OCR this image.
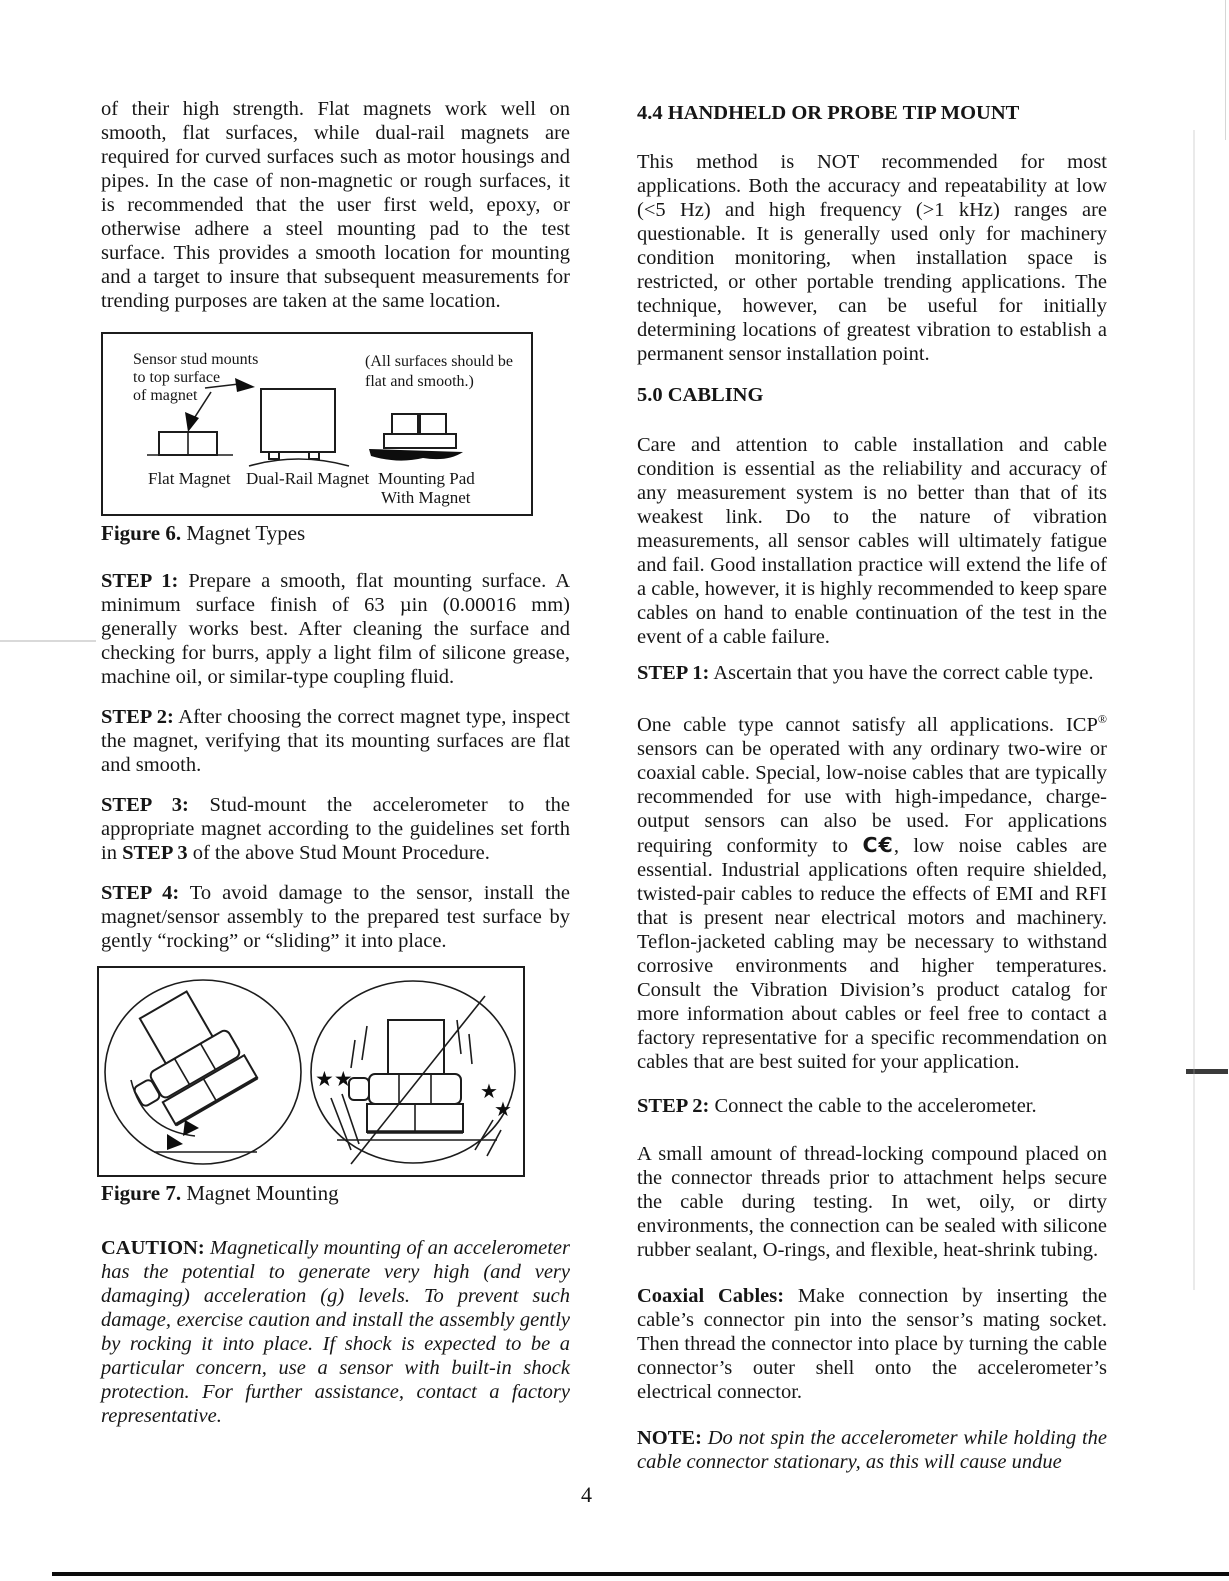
of their high strength. Flat magnets work well on smooth, flat surfaces, while dual-rail magnets are required for curved surfaces such as motor housings and pipes. In the case of non-magnetic or rough surfaces, it is recommended that the user first weld, epoxy, or otherwise adhere a steel mounting pad to the test surface. This provides a smooth location for mounting and a target to insure that subsequent measurements for trending purposes are taken at the same location.

Sensor stud mounts
to top surface
of magnet
(All surfaces should be
flat and smooth.)
Flat Magnet Dual-Rail Magnet Mounting Pad
With Magnet

Figure 6. Magnet Types

STEP 1: Prepare a smooth, flat mounting surface. A minimum surface finish of 63 µin (0.00016 mm) generally works best. After cleaning the surface and checking for burrs, apply a light film of silicone grease, machine oil, or similar-type coupling fluid.

STEP 2: After choosing the correct magnet type, inspect the magnet, verifying that its mounting surfaces are flat and smooth.

STEP 3: Stud-mount the accelerometer to the appropriate magnet according to the guidelines set forth in STEP 3 of the above Stud Mount Procedure.

STEP 4: To avoid damage to the sensor, install the magnet/sensor assembly to the prepared test surface by gently “rocking” or “sliding” it into place.

★★	★
★

Figure 7. Magnet Mounting

CAUTION: Magnetically mounting of an accelerometer has the potential to generate very high (and very damaging) acceleration (g) levels. To prevent such damage, exercise caution and install the assembly gently by rocking it into place. If shock is expected to be a particular concern, use a sensor with built-in shock protection. For further assistance, contact a factory representative.

4.4 HANDHELD OR PROBE TIP MOUNT

This method is NOT recommended for most applications. Both the accuracy and repeatability at low (<5 Hz) and high frequency (>1 kHz) ranges are questionable. It is generally used only for machinery condition monitoring, when installation space is restricted, or other portable trending applications. The technique, however, can be useful for initially determining locations of greatest vibration to establish a permanent sensor installation point.

5.0 CABLING

Care and attention to cable installation and cable condition is essential as the reliability and accuracy of any measurement system is no better than that of its weakest link. Do to the nature of vibration measurements, all sensor cables will ultimately fatigue and fail. Good installation practice will extend the life of a cable, however, it is highly recommended to keep spare cables on hand to enable continuation of the test in the event of a cable failure.

STEP 1: Ascertain that you have the correct cable type.

One cable type cannot satisfy all applications. ICP® sensors can be operated with any ordinary two-wire or coaxial cable. Special, low-noise cables that are typically recommended for use with high-impedance, charge-output sensors can also be used. For applications requiring conformity to C€, low noise cables are essential. Industrial applications often require shielded, twisted-pair cables to reduce the effects of EMI and RFI that is present near electrical motors and machinery. Teflon-jacketed cabling may be necessary to withstand corrosive environments and higher temperatures. Consult the Vibration Division’s product catalog for more information about cables or feel free to contact a factory representative for a specific recommendation on cables that are best suited for your application.

STEP 2: Connect the cable to the accelerometer.

A small amount of thread-locking compound placed on the connector threads prior to attachment helps secure the cable during testing. In wet, oily, or dirty environments, the connection can be sealed with silicone rubber sealant, O-rings, and flexible, heat-shrink tubing.

Coaxial Cables: Make connection by inserting the cable’s connector pin into the sensor’s mating socket. Then thread the connector into place by turning the cable connector’s outer shell onto the accelerometer’s electrical connector.

NOTE: Do not spin the accelerometer while holding the cable connector stationary, as this will cause undue

4
